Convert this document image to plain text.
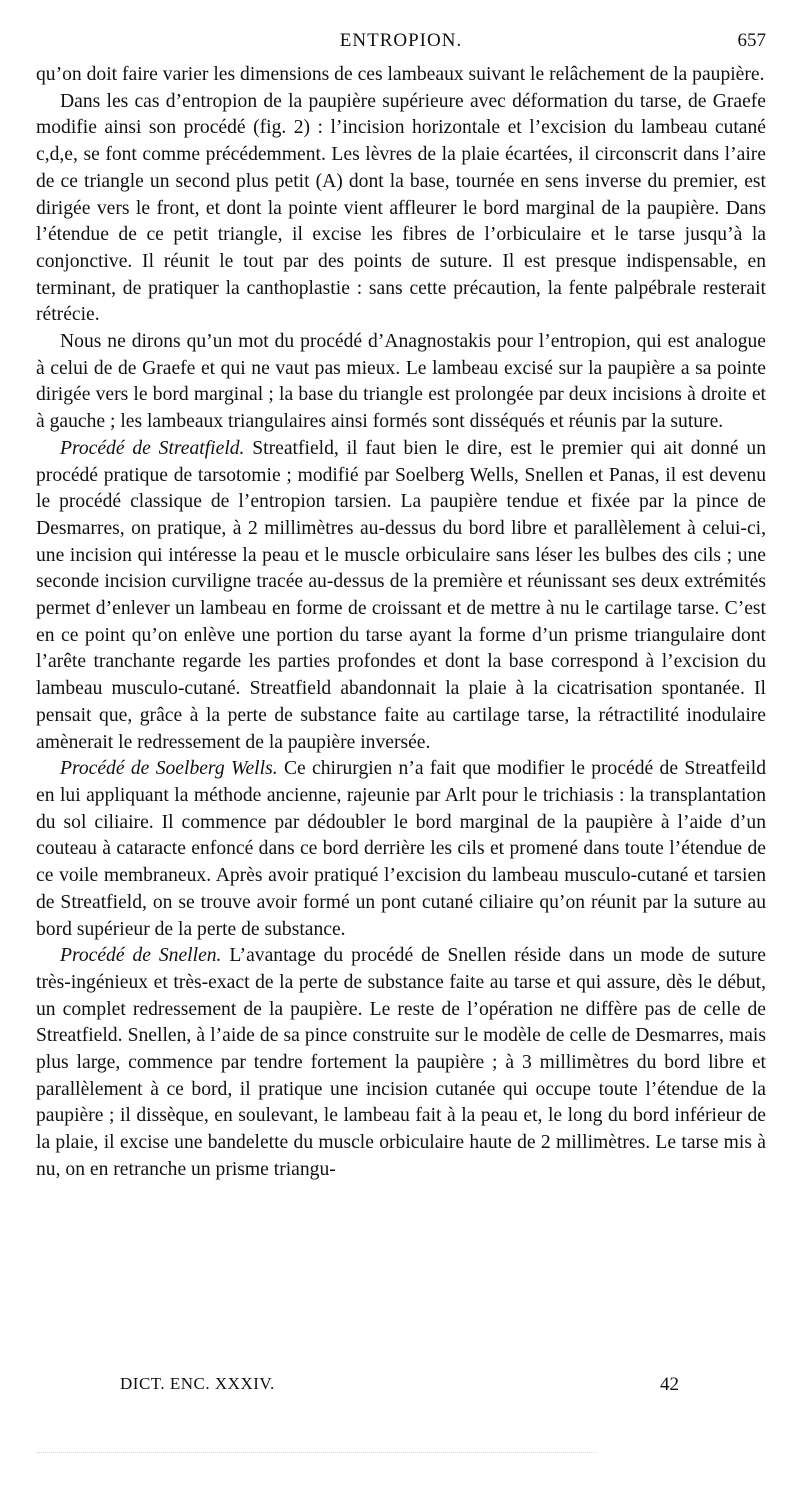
ENTROPION.	657

qu’on doit faire varier les dimensions de ces lambeaux suivant le relâchement de la paupière.

Dans les cas d’entropion de la paupière supérieure avec déformation du tarse, de Graefe modifie ainsi son procédé (fig. 2) : l’incision horizontale et l’excision du lambeau cutané c,d,e, se font comme précédemment. Les lèvres de la plaie écartées, il circonscrit dans l’aire de ce triangle un second plus petit (A) dont la base, tournée en sens inverse du premier, est dirigée vers le front, et dont la pointe vient affleurer le bord marginal de la paupière. Dans l’étendue de ce petit triangle, il excise les fibres de l’orbiculaire et le tarse jusqu’à la conjonctive. Il réunit le tout par des points de suture. Il est presque indispensable, en terminant, de pratiquer la canthoplastie : sans cette précaution, la fente palpébrale resterait rétrécie.

Nous ne dirons qu’un mot du procédé d’Anagnostakis pour l’entropion, qui est analogue à celui de de Graefe et qui ne vaut pas mieux. Le lambeau excisé sur la paupière a sa pointe dirigée vers le bord marginal ; la base du triangle est prolongée par deux incisions à droite et à gauche ; les lambeaux triangulaires ainsi formés sont disséqués et réunis par la suture.

Procédé de Streatfield. Streatfield, il faut bien le dire, est le premier qui ait donné un procédé pratique de tarsotomie ; modifié par Soelberg Wells, Snellen et Panas, il est devenu le procédé classique de l’entropion tarsien. La paupière tendue et fixée par la pince de Desmarres, on pratique, à 2 millimètres au-dessus du bord libre et parallèlement à celui-ci, une incision qui intéresse la peau et le muscle orbiculaire sans léser les bulbes des cils ; une seconde incision curviligne tracée au-dessus de la première et réunissant ses deux extrémités permet d’enlever un lambeau en forme de croissant et de mettre à nu le cartilage tarse. C’est en ce point qu’on enlève une portion du tarse ayant la forme d’un prisme triangulaire dont l’arête tranchante regarde les parties profondes et dont la base correspond à l’excision du lambeau musculo-cutané. Streatfield abandonnait la plaie à la cicatrisation spontanée. Il pensait que, grâce à la perte de substance faite au cartilage tarse, la rétractilité inodulaire amènerait le redressement de la paupière inversée.

Procédé de Soelberg Wells. Ce chirurgien n’a fait que modifier le procédé de Streatfeild en lui appliquant la méthode ancienne, rajeunie par Arlt pour le trichiasis : la transplantation du sol ciliaire. Il commence par dédoubler le bord marginal de la paupière à l’aide d’un couteau à cataracte enfoncé dans ce bord derrière les cils et promené dans toute l’étendue de ce voile membraneux. Après avoir pratiqué l’excision du lambeau musculo-cutané et tarsien de Streatfield, on se trouve avoir formé un pont cutané ciliaire qu’on réunit par la suture au bord supérieur de la perte de substance.

Procédé de Snellen. L’avantage du procédé de Snellen réside dans un mode de suture très-ingénieux et très-exact de la perte de substance faite au tarse et qui assure, dès le début, un complet redressement de la paupière. Le reste de l’opération ne diffère pas de celle de Streatfield. Snellen, à l’aide de sa pince construite sur le modèle de celle de Desmarres, mais plus large, commence par tendre fortement la paupière ; à 3 millimètres du bord libre et parallèlement à ce bord, il pratique une incision cutanée qui occupe toute l’étendue de la paupière ; il dissèque, en soulevant, le lambeau fait à la peau et, le long du bord inférieur de la plaie, il excise une bandelette du muscle orbiculaire haute de 2 millimètres. Le tarse mis à nu, on en retranche un prisme triangu-

DICT. ENC. XXXIV.	42
